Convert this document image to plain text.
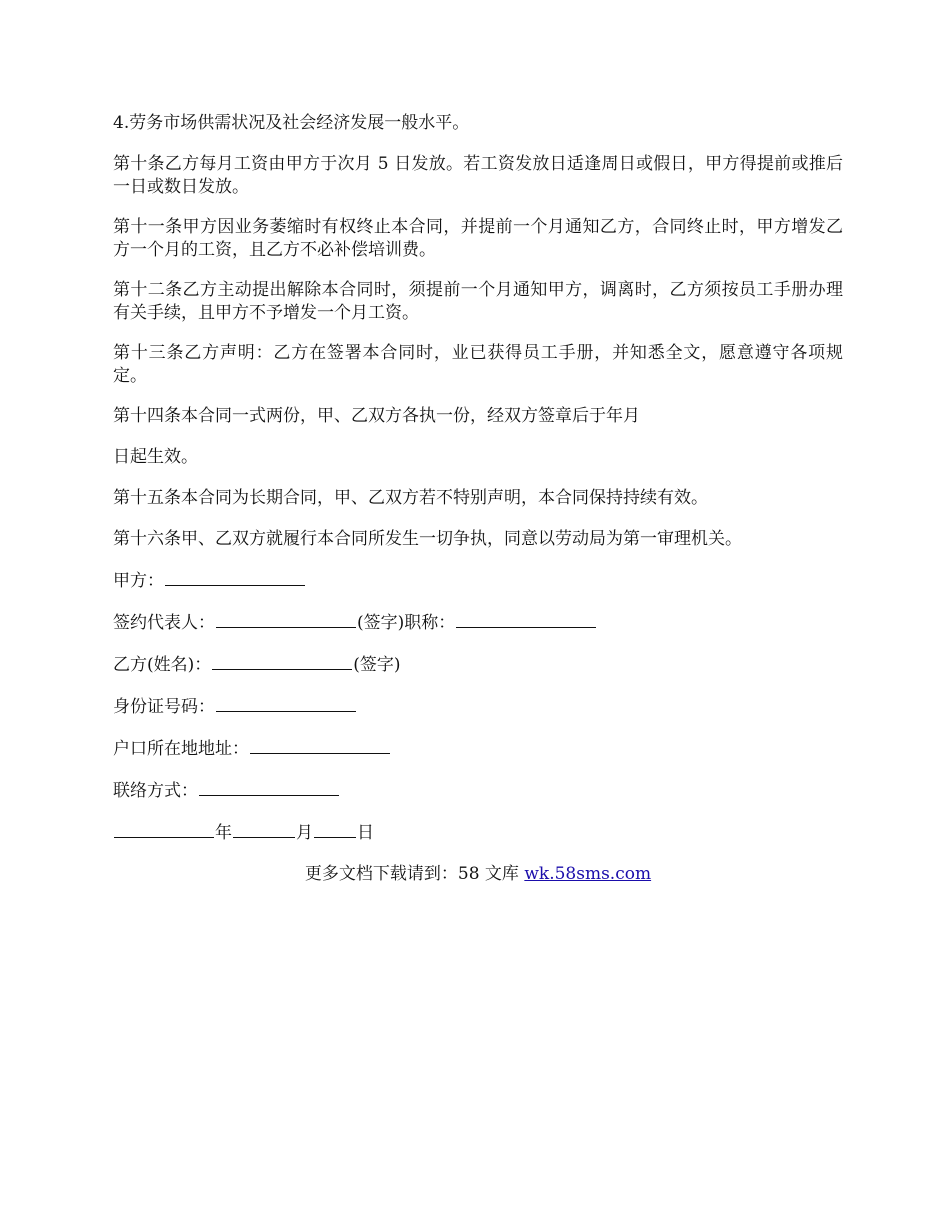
4.劳务市场供需状况及社会经济发展一般水平。

第十条乙方每月工资由甲方于次月 5 日发放。若工资发放日适逢周日或假日，甲方得提前或推后一日或数日发放。

第十一条甲方因业务萎缩时有权终止本合同，并提前一个月通知乙方，合同终止时，甲方增发乙方一个月的工资，且乙方不必补偿培训费。

第十二条乙方主动提出解除本合同时，须提前一个月通知甲方，调离时，乙方须按员工手册办理有关手续，且甲方不予增发一个月工资。

第十三条乙方声明：乙方在签署本合同时，业已获得员工手册，并知悉全文，愿意遵守各项规定。

第十四条本合同一式两份，甲、乙双方各执一份，经双方签章后于年月

日起生效。

第十五条本合同为长期合同，甲、乙双方若不特别声明，本合同保持持续有效。

第十六条甲、乙双方就履行本合同所发生一切争执，同意以劳动局为第一审理机关。

甲方：
签约代表人：	(签字)职称：
乙方(姓名)：	(签字)
身份证号码：
户口所在地地址：
联络方式：
年	月	日
更多文档下载请到：58 文库 wk.58sms.com
